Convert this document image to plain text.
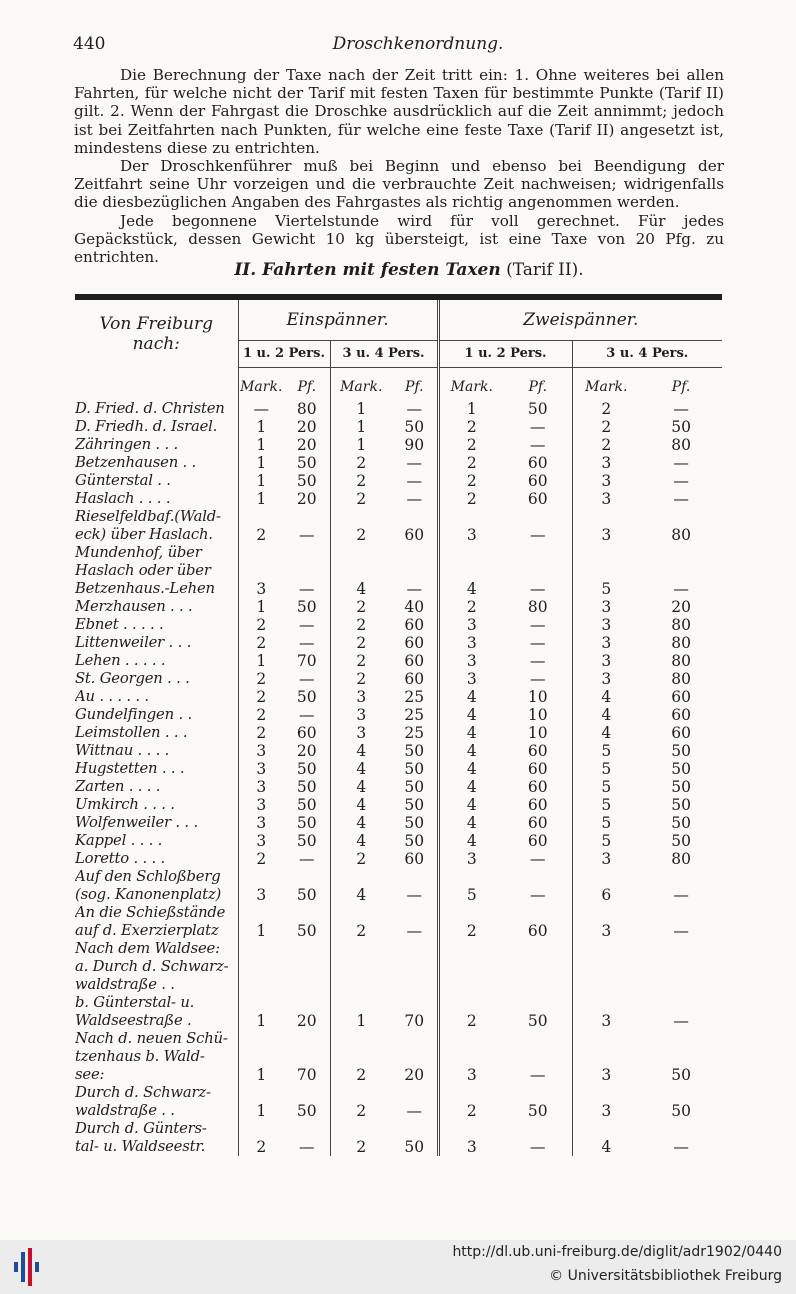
440	Droschkenordnung.

Die Berechnung der Taxe nach der Zeit tritt ein: 1. Ohne weiteres bei allen Fahrten, für welche nicht der Tarif mit festen Taxen für bestimmte Punkte (Tarif II) gilt. 2. Wenn der Fahrgast die Droschke ausdrücklich auf die Zeit annimmt; jedoch ist bei Zeitfahrten nach Punkten, für welche eine feste Taxe (Tarif II) angesetzt ist, mindestens diese zu entrichten.

Der Droschkenführer muß bei Beginn und ebenso bei Beendigung der Zeitfahrt seine Uhr vorzeigen und die verbrauchte Zeit nachweisen; widrigenfalls die diesbezüglichen Angaben des Fahrgastes als richtig angenommen werden.

Jede begonnene Viertelstunde wird für voll gerechnet. Für jedes Gepäckstück, dessen Gewicht 10 kg übersteigt, ist eine Taxe von 20 Pfg. zu entrichten.

II. Fahrten mit festen Taxen (Tarif II).
Von Freiburg
nach:	Einspänner.				Zweispänner.			
	1 u. 2 Pers.		3 u. 4 Pers.		1 u. 2 Pers.		3 u. 4 Pers.	
	Mark.	Pf.	Mark.	Pf.	Mark.	Pf.	Mark.	Pf.

D. Fried. d. Christen	—	80	1	—	1	50	2	—
D. Friedh. d. Israel.	1	20	1	50	2	—	2	50
Zähringen . . .	1	20	1	90	2	—	2	80
Betzenhausen . .	1	50	2	—	2	60	3	—
Günterstal . .	1	50	2	—	2	60	3	—
Haslach . . . .	1	20	2	—	2	60	3	—
Rieselfeldbaf.(Wald-								
eck) über Haslach.	2	—	2	60	3	—	3	80
Mundenhof, über								
Haslach oder über								
Betzenhaus.-Lehen	3	—	4	—	4	—	5	—
Merzhausen . . .	1	50	2	40	2	80	3	20
Ebnet . . . . .	2	—	2	60	3	—	3	80
Littenweiler . . .	2	—	2	60	3	—	3	80
Lehen . . . . .	1	70	2	60	3	—	3	80
St. Georgen . . .	2	—	2	60	3	—	3	80
Au . . . . . .	2	50	3	25	4	10	4	60
Gundelfingen . .	2	—	3	25	4	10	4	60
Leimstollen . . .	2	60	3	25	4	10	4	60
Wittnau . . . .	3	20	4	50	4	60	5	50
Hugstetten . . .	3	50	4	50	4	60	5	50
Zarten . . . .	3	50	4	50	4	60	5	50
Umkirch . . . .	3	50	4	50	4	60	5	50
Wolfenweiler . . .	3	50	4	50	4	60	5	50
Kappel . . . .	3	50	4	50	4	60	5	50
Loretto . . . .	2	—	2	60	3	—	3	80
Auf den Schloßberg								
(sog. Kanonenplatz)	3	50	4	—	5	—	6	—
An die Schießstände								
auf d. Exerzierplatz	1	50	2	—	2	60	3	—
Nach dem Waldsee:								
a. Durch d. Schwarz-								
waldstraße . .								
b. Günterstal- u.								
Waldseestraße .	1	20	1	70	2	50	3	—
Nach d. neuen Schü-								
tzenhaus b. Wald-								
see:	1	70	2	20	3	—	3	50
Durch d. Schwarz-								
waldstraße . .	1	50	2	—	2	50	3	50
Durch d. Günters-								
tal- u. Waldseestr.	2	—	2	50	3	—	4	—
http://dl.ub.uni-freiburg.de/diglit/adr1902/0440
© Universitätsbibliothek Freiburg
